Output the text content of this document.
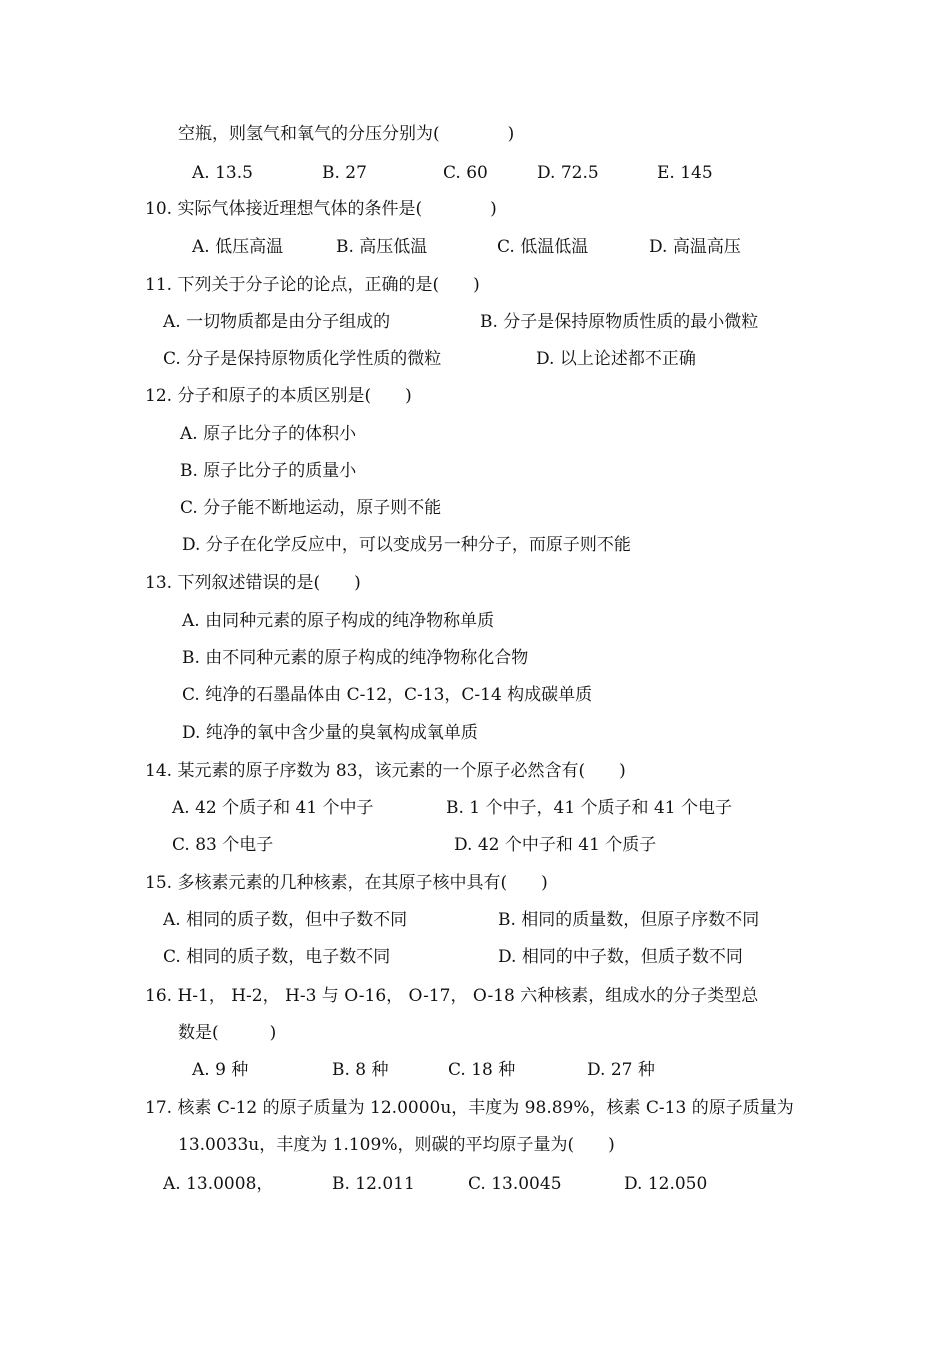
空瓶，则氢气和氧气的分压分别为(　　　　)
A. 13.5	B. 27	C. 60	D. 72.5	E. 145
10. 实际气体接近理想气体的条件是(　　　　)
A. 低压高温	B. 高压低温	C. 低温低温	D. 高温高压
11. 下列关于分子论的论点，正确的是(　　)
A. 一切物质都是由分子组成的	B. 分子是保持原物质性质的最小微粒
C. 分子是保持原物质化学性质的微粒	D. 以上论述都不正确
12. 分子和原子的本质区别是(　　)
A. 原子比分子的体积小
B. 原子比分子的质量小
C. 分子能不断地运动，原子则不能
D. 分子在化学反应中，可以变成另一种分子，而原子则不能
13. 下列叙述错误的是(　　)
A. 由同种元素的原子构成的纯净物称单质
B. 由不同种元素的原子构成的纯净物称化合物
C. 纯净的石墨晶体由 C-12，C-13，C-14 构成碳单质
D. 纯净的氧中含少量的臭氧构成氧单质
14. 某元素的原子序数为 83，该元素的一个原子必然含有(　　)
A. 42 个质子和 41 个中子	B. 1 个中子，41 个质子和 41 个电子
C. 83 个电子	D. 42 个中子和 41 个质子
15. 多核素元素的几种核素，在其原子核中具有(　　)
A. 相同的质子数，但中子数不同	B. 相同的质量数，但原子序数不同
C. 相同的质子数，电子数不同	D. 相同的中子数，但质子数不同
16. H-1， H-2， H-3 与 O-16， O-17， O-18 六种核素，组成水的分子类型总
数是(　　　)
A. 9 种	B. 8 种	C. 18 种	D. 27 种
17. 核素 C-12 的原子质量为 12.0000u，丰度为 98.89%，核素 C-13 的原子质量为
13.0033u，丰度为 1.109%，则碳的平均原子量为(　　)
A. 13.0008，	B. 12.011	C. 13.0045	D. 12.050
